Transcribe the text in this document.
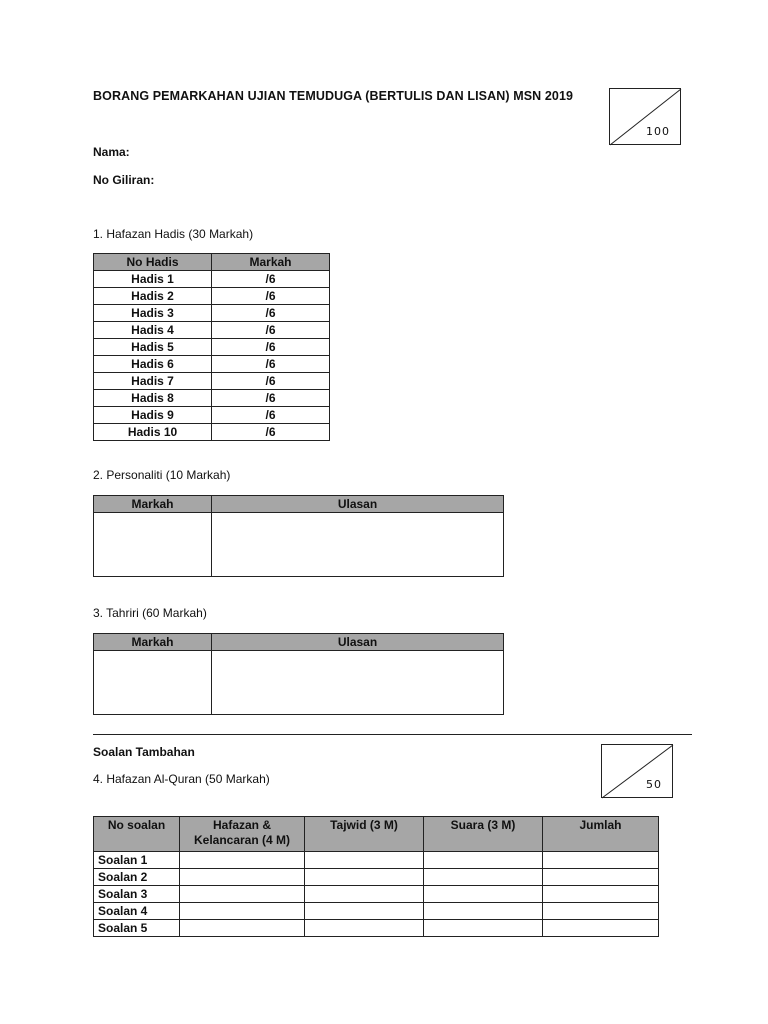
BORANG PEMARKAHAN UJIAN TEMUDUGA (BERTULIS DAN LISAN) MSN 2019
100
Nama:
No Giliran:
1. Hafazan Hadis (30 Markah)
No Hadis	Markah
Hadis 1	/6
Hadis 2	/6
Hadis 3	/6
Hadis 4	/6
Hadis 5	/6
Hadis 6	/6
Hadis 7	/6
Hadis 8	/6
Hadis 9	/6
Hadis 10	/6
2. Personaliti (10 Markah)
Markah	Ulasan

3. Tahriri (60 Markah)
Markah	Ulasan

Soalan Tambahan
50
4. Hafazan Al-Quran (50 Markah)
No soalan	Hafazan & Kelancaran (4 M)	Tajwid (3 M)	Suara (3 M)	Jumlah
Soalan 1				
Soalan 2				
Soalan 3				
Soalan 4				
Soalan 5				
